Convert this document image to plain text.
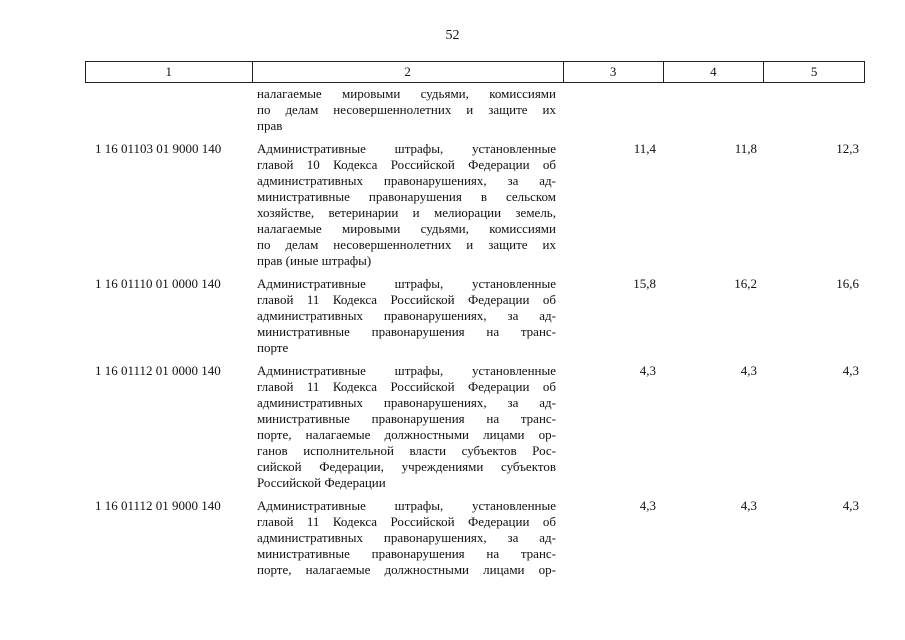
52
1	2	3	4	5
налагаемые мировыми судьями, комиссиями
по делам несовершеннолетних и защите их
прав
1 16 01103 01 9000 140	Административные штрафы, установленные
главой 10 Кодекса Российской Федерации об
административных правонарушениях, за ад-
министративные правонарушения в сельском
хозяйстве, ветеринарии и мелиорации земель,
налагаемые мировыми судьями, комиссиями
по делам несовершеннолетних и защите их
прав (иные штрафы)
11,4	11,8	12,3
1 16 01110 01 0000 140	Административные штрафы, установленные
главой 11 Кодекса Российской Федерации об
административных правонарушениях, за ад-
министративные правонарушения на транс-
порте
15,8	16,2	16,6
1 16 01112 01 0000 140	Административные штрафы, установленные
главой 11 Кодекса Российской Федерации об
административных правонарушениях, за ад-
министративные правонарушения на транс-
порте, налагаемые должностными лицами ор-
ганов исполнительной власти субъектов Рос-
сийской Федерации, учреждениями субъектов
Российской Федерации
4,3	4,3	4,3
1 16 01112 01 9000 140	Административные штрафы, установленные
главой 11 Кодекса Российской Федерации об
административных правонарушениях, за ад-
министративные правонарушения на транс-
порте, налагаемые должностными лицами ор-
4,3	4,3	4,3
